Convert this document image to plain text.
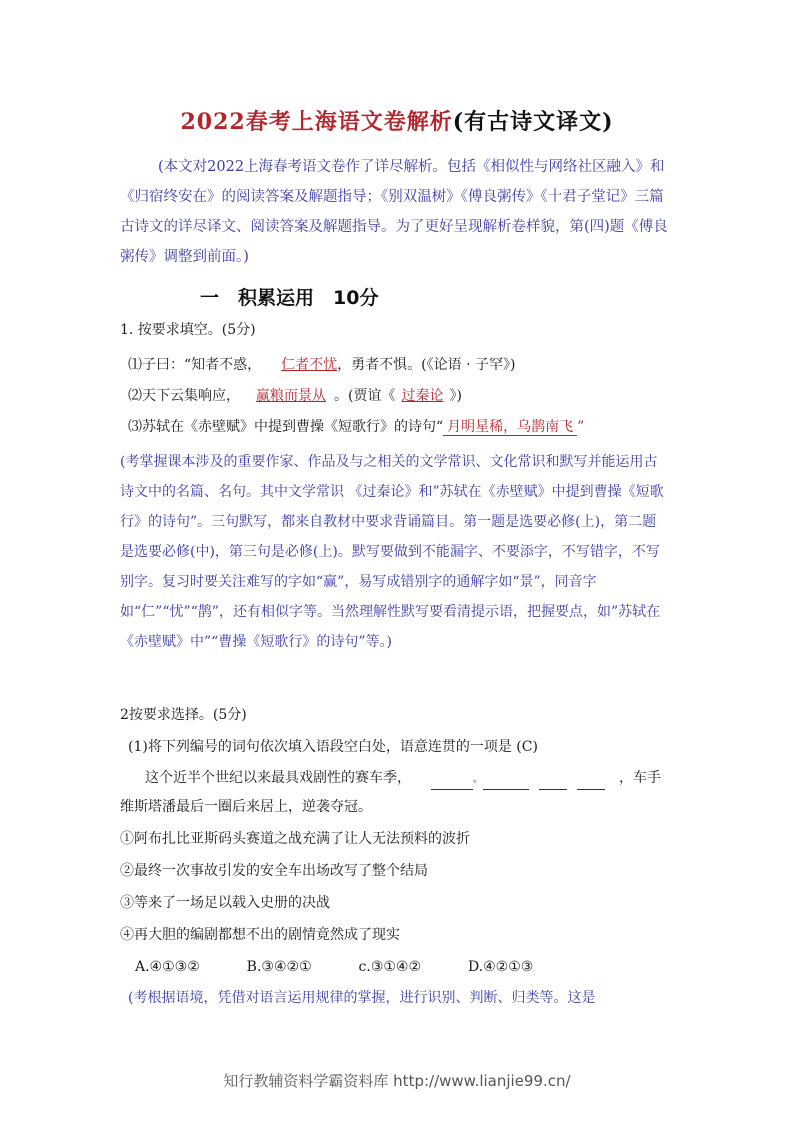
2022春考上海语文卷解析(有古诗文译文)
(本文对2022上海春考语文卷作了详尽解析。包括《相似性与网络社区融入》和《归宿终安在》的阅读答案及解题指导；《别双温树》《傅良粥传》《十君子堂记》三篇古诗文的详尽译文、阅读答案及解题指导。为了更好呈现解析卷样貌，第(四)题《傅良粥传》调整到前面。)
一　积累运用　10分
1. 按要求填空。(5分)
⑴子曰：“知者不惑， 仁者不忧，勇者不惧。(《论语 · 子罕》)
⑵天下云集响应， 赢粮而景从 。(贾谊《 过秦论 》)
⑶苏轼在《赤壁赋》中提到曹操《短歌行》的诗句“ 月明星稀，乌鹊南飞 ”
(考掌握课本涉及的重要作家、作品及与之相关的文学常识、文化常识和默写并能运用古诗文中的名篇、名句。其中文学常识 《过秦论》和”苏轼在《赤壁赋》中提到曹操《短歌行》的诗句”。三句默写，都来自教材中要求背诵篇目。第一题是选要必修(上)，第二题是选要必修(中)，第三句是必修(上)。默写要做到不能漏字、不要添字，不写错字，不写别字。复习时要关注难写的字如“赢”，易写成错别字的通解字如“景”，同音字如“仁”“忧”“鹊”，还有相似字等。当然理解性默写要看清提示语，把握要点，如”苏轼在《赤壁赋》中”“曹操《短歌行》的诗句”等。)
2按要求选择。(5分)
(1)将下列编号的词句依次填入语段空白处，语意连贯的一项是 (C)
这个近半个世纪以来最具戏剧性的赛车季，	。	，车手
维斯塔潘最后一圈后来居上，逆袭夺冠。
①阿布扎比亚斯码头赛道之战充满了让人无法预料的波折
②最终一次事故引发的安全车出场改写了整个结局
③等来了一场足以载入史册的决战
④再大胆的编剧都想不出的剧情竟然成了现实
A.④①③②	B.③④②①	c.③①④②	D.④②①③
(考根据语境，凭借对语言运用规律的掌握，进行识别、判断、归类等。这是
知行教辅资料学霸资料库 http://www.lianjie99.cn/
